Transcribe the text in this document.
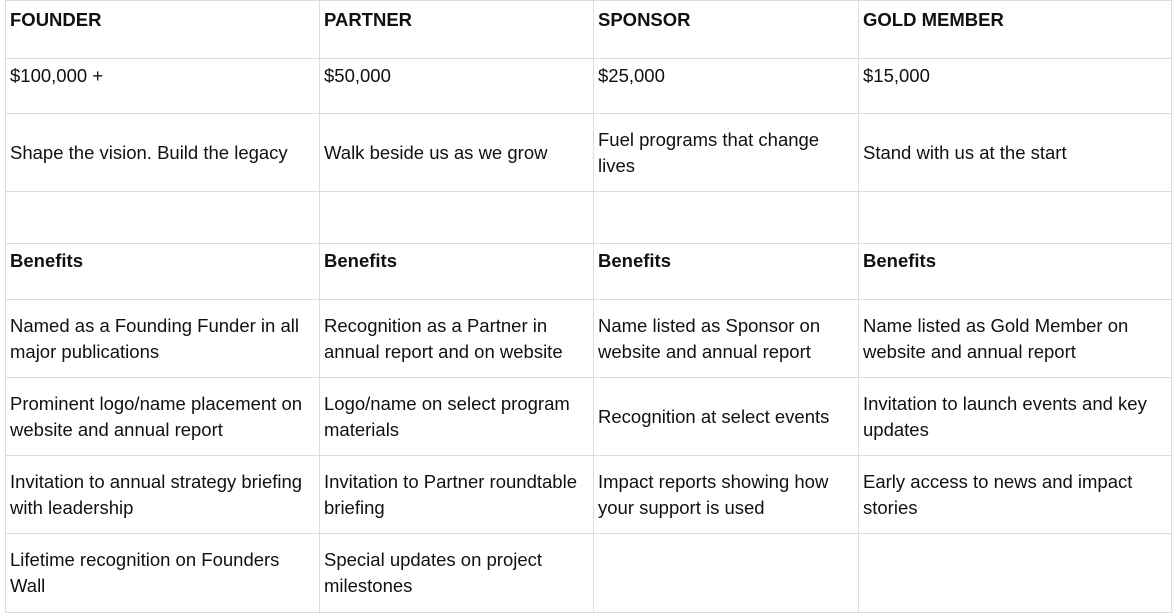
FOUNDER	PARTNER	SPONSOR	GOLD MEMBER
$100,000 +	$50,000	$25,000	$15,000
Shape the vision. Build the legacy	Walk beside us as we grow	Fuel programs that change lives	Stand with us at the start

Benefits	Benefits	Benefits	Benefits
Named as a Founding Funder in all major publications	Recognition as a Partner in annual report and on website	Name listed as Sponsor on website and annual report	Name listed as Gold Member on website and annual report
Prominent logo/name placement on website and annual report	Logo/name on select program materials	Recognition at select events	Invitation to launch events and key updates
Invitation to annual strategy briefing with leadership	Invitation to Partner roundtable briefing	Impact reports showing how your support is used	Early access to news and impact stories
Lifetime recognition on Founders Wall	Special updates on project milestones		
